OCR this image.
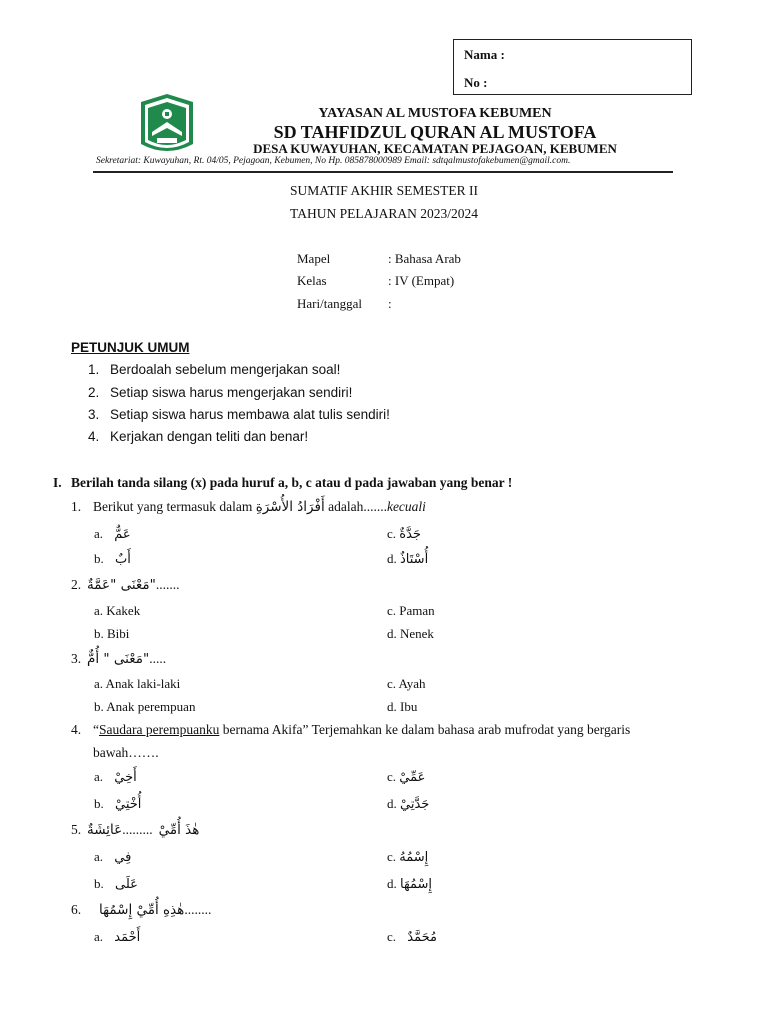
Nama :
No :
YAYASAN AL MUSTOFA KEBUMEN
SD TAHFIDZUL QURAN AL MUSTOFA
DESA KUWAYUHAN, KECAMATAN PEJAGOAN, KEBUMEN
Sekretariat: Kuwayuhan, Rt. 04/05, Pejagoan, Kebumen, No Hp. 085878000989 Email: sdtqalmustofakebumen@gmail.com.
SUMATIF AKHIR SEMESTER II
TAHUN PELAJARAN 2023/2024
Mapel	: Bahasa Arab
Kelas	: IV (Empat)
Hari/tanggal :
PETUNJUK UMUM
1. Berdoalah sebelum mengerjakan soal!
2. Setiap siswa harus mengerjakan sendiri!
3. Setiap siswa harus membawa alat tulis sendiri!
4. Kerjakan dengan teliti dan benar!
I. Berilah tanda silang (x) pada huruf a, b, c atau d pada jawaban yang benar !
1. Berikut yang termasuk dalam أَفْرَادُ الأُسْرَةِ adalah.......kecuali
a. عَمٌّ	c. جَدَّةٌ
b. أَبٌ	d. أُسْتَاذٌ
2. "مَعْنَى "عَمَّةٌ.......
a. Kakek	c. Paman
b. Bibi	d. Nenek
3. "مَعْنَى " أُمٌّ.....
a. Anak laki-laki	c. Ayah
b. Anak perempuan	d. Ibu
4. “Saudara perempuanku bernama Akifa” Terjemahkan ke dalam bahasa arab mufrodat yang bergaris
bawah…….
a. أَخِيْ	c. عَمِّيْ
b. أُخْتِيْ	d. جَدَّتِيْ
5. عَائِشَةٌ......... هٰذَ أُمِّيْ
a. فِي	c. إِسْمُهُ
b. عَلَى	d. إِسْمُهَا
6. هٰذِهِ أُمِّيْ إِسْمُهَا........
a. أَحْمَد	c. مُحَمَّدٌ
